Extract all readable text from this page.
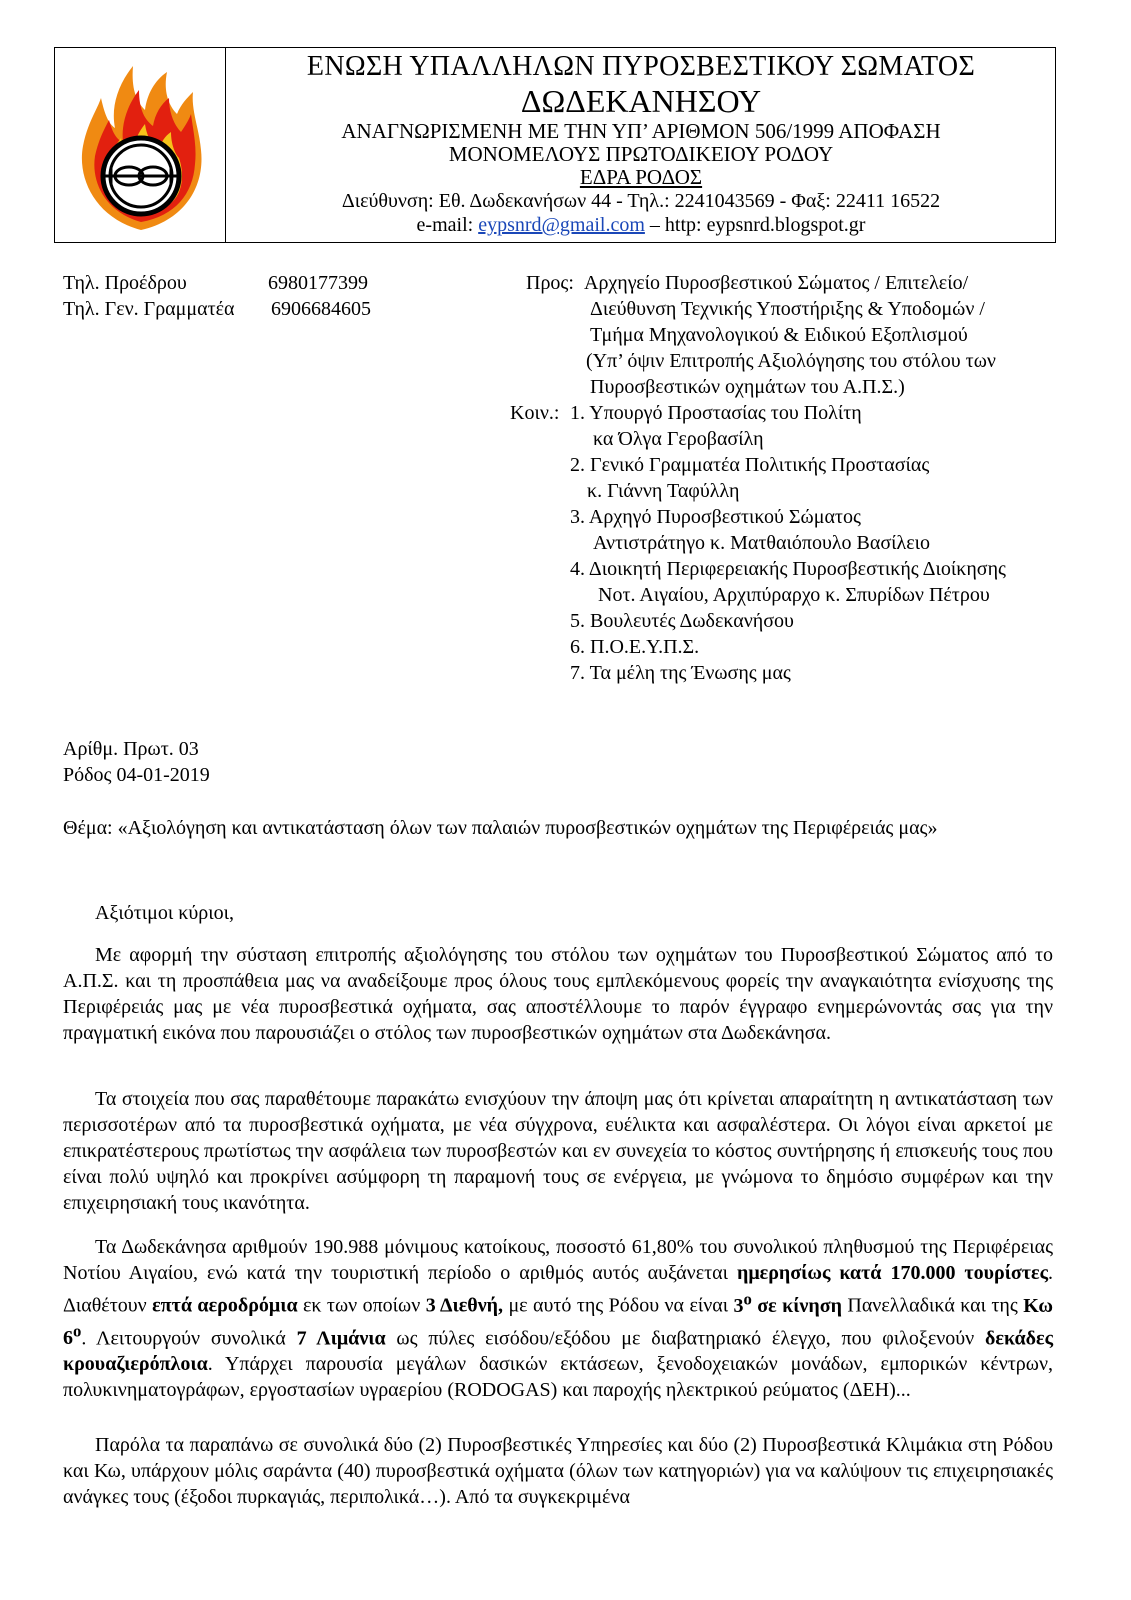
ΕΝΩΣΗ ΥΠΑΛΛΗΛΩΝ ΠΥΡΟΣΒΕΣΤΙΚΟΥ ΣΩΜΑΤΟΣ
ΔΩΔΕΚΑΝΗΣΟΥ
ΑΝΑΓΝΩΡΙΣΜΕΝΗ ΜΕ ΤΗΝ ΥΠ’ ΑΡΙΘΜΟΝ 506/1999 ΑΠΟΦΑΣΗ
ΜΟΝΟΜΕΛΟΥΣ ΠΡΩΤΟΔΙΚΕΙΟΥ ΡΟΔΟΥ
ΕΔΡΑ ΡΟΔΟΣ
Διεύθυνση: Εθ. Δωδεκανήσων 44 - Τηλ.: 2241043569 - Φαξ: 22411 16522
e-mail: eypsnrd@gmail.com – http: eypsnrd.blogspot.gr
Τηλ. Προέδρου	6980177399
Τηλ. Γεν. Γραμματέα 6906684605
Προς: Αρχηγείο Πυροσβεστικού Σώματος / Επιτελείο/
Διεύθυνση Τεχνικής Υποστήριξης & Υποδομών /
Τμήμα Μηχανολογικού & Ειδικού Εξοπλισμού
(Υπ’ όψιν Επιτροπής Αξιολόγησης του στόλου των
Πυροσβεστικών οχημάτων του Α.Π.Σ.)
Κοιν.: 1. Υπουργό Προστασίας του Πολίτη
κα Όλγα Γεροβασίλη
2. Γενικό Γραμματέα Πολιτικής Προστασίας
κ. Γιάννη Ταφύλλη
3. Αρχηγό Πυροσβεστικού Σώματος
Αντιστράτηγο κ. Ματθαιόπουλο Βασίλειο
4. Διοικητή Περιφερειακής Πυροσβεστικής Διοίκησης
Νοτ. Αιγαίου, Αρχιπύραρχο κ. Σπυρίδων Πέτρου
5. Βουλευτές Δωδεκανήσου
6. Π.Ο.Ε.Υ.Π.Σ.
7. Τα μέλη της Ένωσης μας
Αρίθμ. Πρωτ. 03
Ρόδος 04-01-2019
Θέμα: «Αξιολόγηση και αντικατάσταση όλων των παλαιών πυροσβεστικών οχημάτων της Περιφέρειάς μας»
Αξιότιμοι κύριοι,
Με αφορμή την σύσταση επιτροπής αξιολόγησης του στόλου των οχημάτων του Πυροσβεστικού Σώματος από το Α.Π.Σ. και τη προσπάθεια μας να αναδείξουμε προς όλους τους εμπλεκόμενους φορείς την αναγκαιότητα ενίσχυσης της Περιφέρειάς μας με νέα πυροσβεστικά οχήματα, σας αποστέλλουμε το παρόν έγγραφο ενημερώνοντάς σας για την πραγματική εικόνα που παρουσιάζει ο στόλος των πυροσβεστικών οχημάτων στα Δωδεκάνησα.
Τα στοιχεία που σας παραθέτουμε παρακάτω ενισχύουν την άποψη μας ότι κρίνεται απαραίτητη η αντικατάσταση των περισσοτέρων από τα πυροσβεστικά οχήματα, με νέα σύγχρονα, ευέλικτα και ασφαλέστερα. Οι λόγοι είναι αρκετοί με επικρατέστερους πρωτίστως την ασφάλεια των πυροσβεστών και εν συνεχεία το κόστος συντήρησης ή επισκευής τους που είναι πολύ υψηλό και προκρίνει ασύμφορη τη παραμονή τους σε ενέργεια, με γνώμονα το δημόσιο συμφέρων και την επιχειρησιακή τους ικανότητα.
Τα Δωδεκάνησα αριθμούν 190.988 μόνιμους κατοίκους, ποσοστό 61,80% του συνολικού πληθυσμού της Περιφέρειας Νοτίου Αιγαίου, ενώ κατά την τουριστική περίοδο ο αριθμός αυτός αυξάνεται ημερησίως κατά 170.000 τουρίστες. Διαθέτουν επτά αεροδρόμια εκ των οποίων 3 Διεθνή, με αυτό της Ρόδου να είναι $3^o$ σε κίνηση Πανελλαδικά και της Κω $6^o$. Λειτουργούν συνολικά 7 Λιμάνια ως πύλες εισόδου/εξόδου με διαβατηριακό έλεγχο, που φιλοξενούν δεκάδες κρουαζιερόπλοια. Υπάρχει παρουσία μεγάλων δασικών εκτάσεων, ξενοδοχειακών μονάδων, εμπορικών κέντρων, πολυκινηματογράφων, εργοστασίων υγραερίου (RODOGAS) και παροχής ηλεκτρικού ρεύματος (ΔΕΗ)...
Παρόλα τα παραπάνω σε συνολικά δύο (2) Πυροσβεστικές Υπηρεσίες και δύο (2) Πυροσβεστικά Κλιμάκια στη Ρόδου και Κω, υπάρχουν μόλις σαράντα (40) πυροσβεστικά οχήματα (όλων των κατηγοριών) για να καλύψουν τις επιχειρησιακές ανάγκες τους (έξοδοι πυρκαγιάς, περιπολικά…). Από τα συγκεκριμένα
